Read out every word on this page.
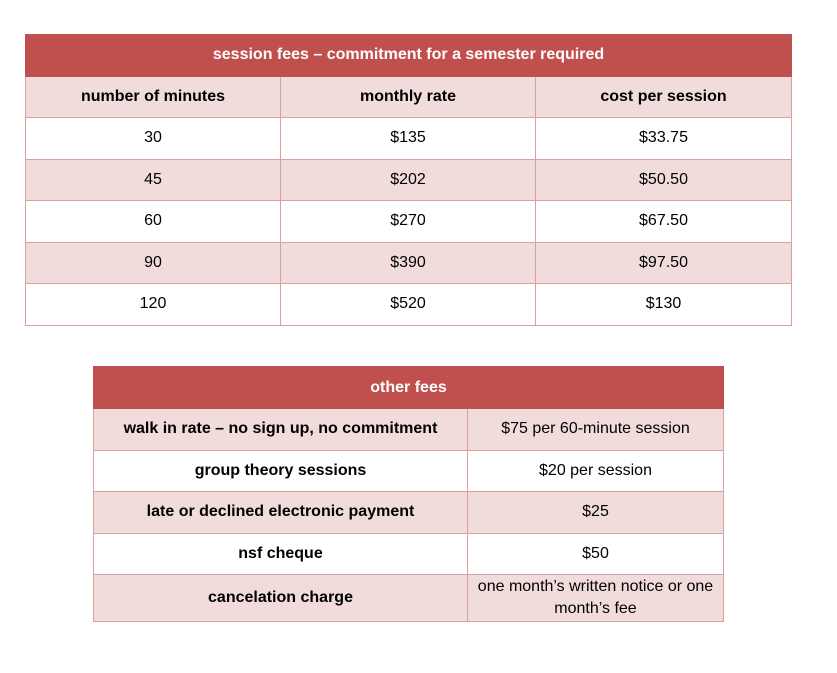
session fees – commitment for a semester required		
number of minutes	monthly rate	cost per session
30	$135	$33.75
45	$202	$50.50
60	$270	$67.50
90	$390	$97.50
120	$520	$130
other fees	
walk in rate – no sign up, no commitment	$75 per 60-minute session
group theory sessions	$20 per session
late or declined electronic payment	$25
nsf cheque	$50
cancelation charge	one month’s written notice or one month’s fee
